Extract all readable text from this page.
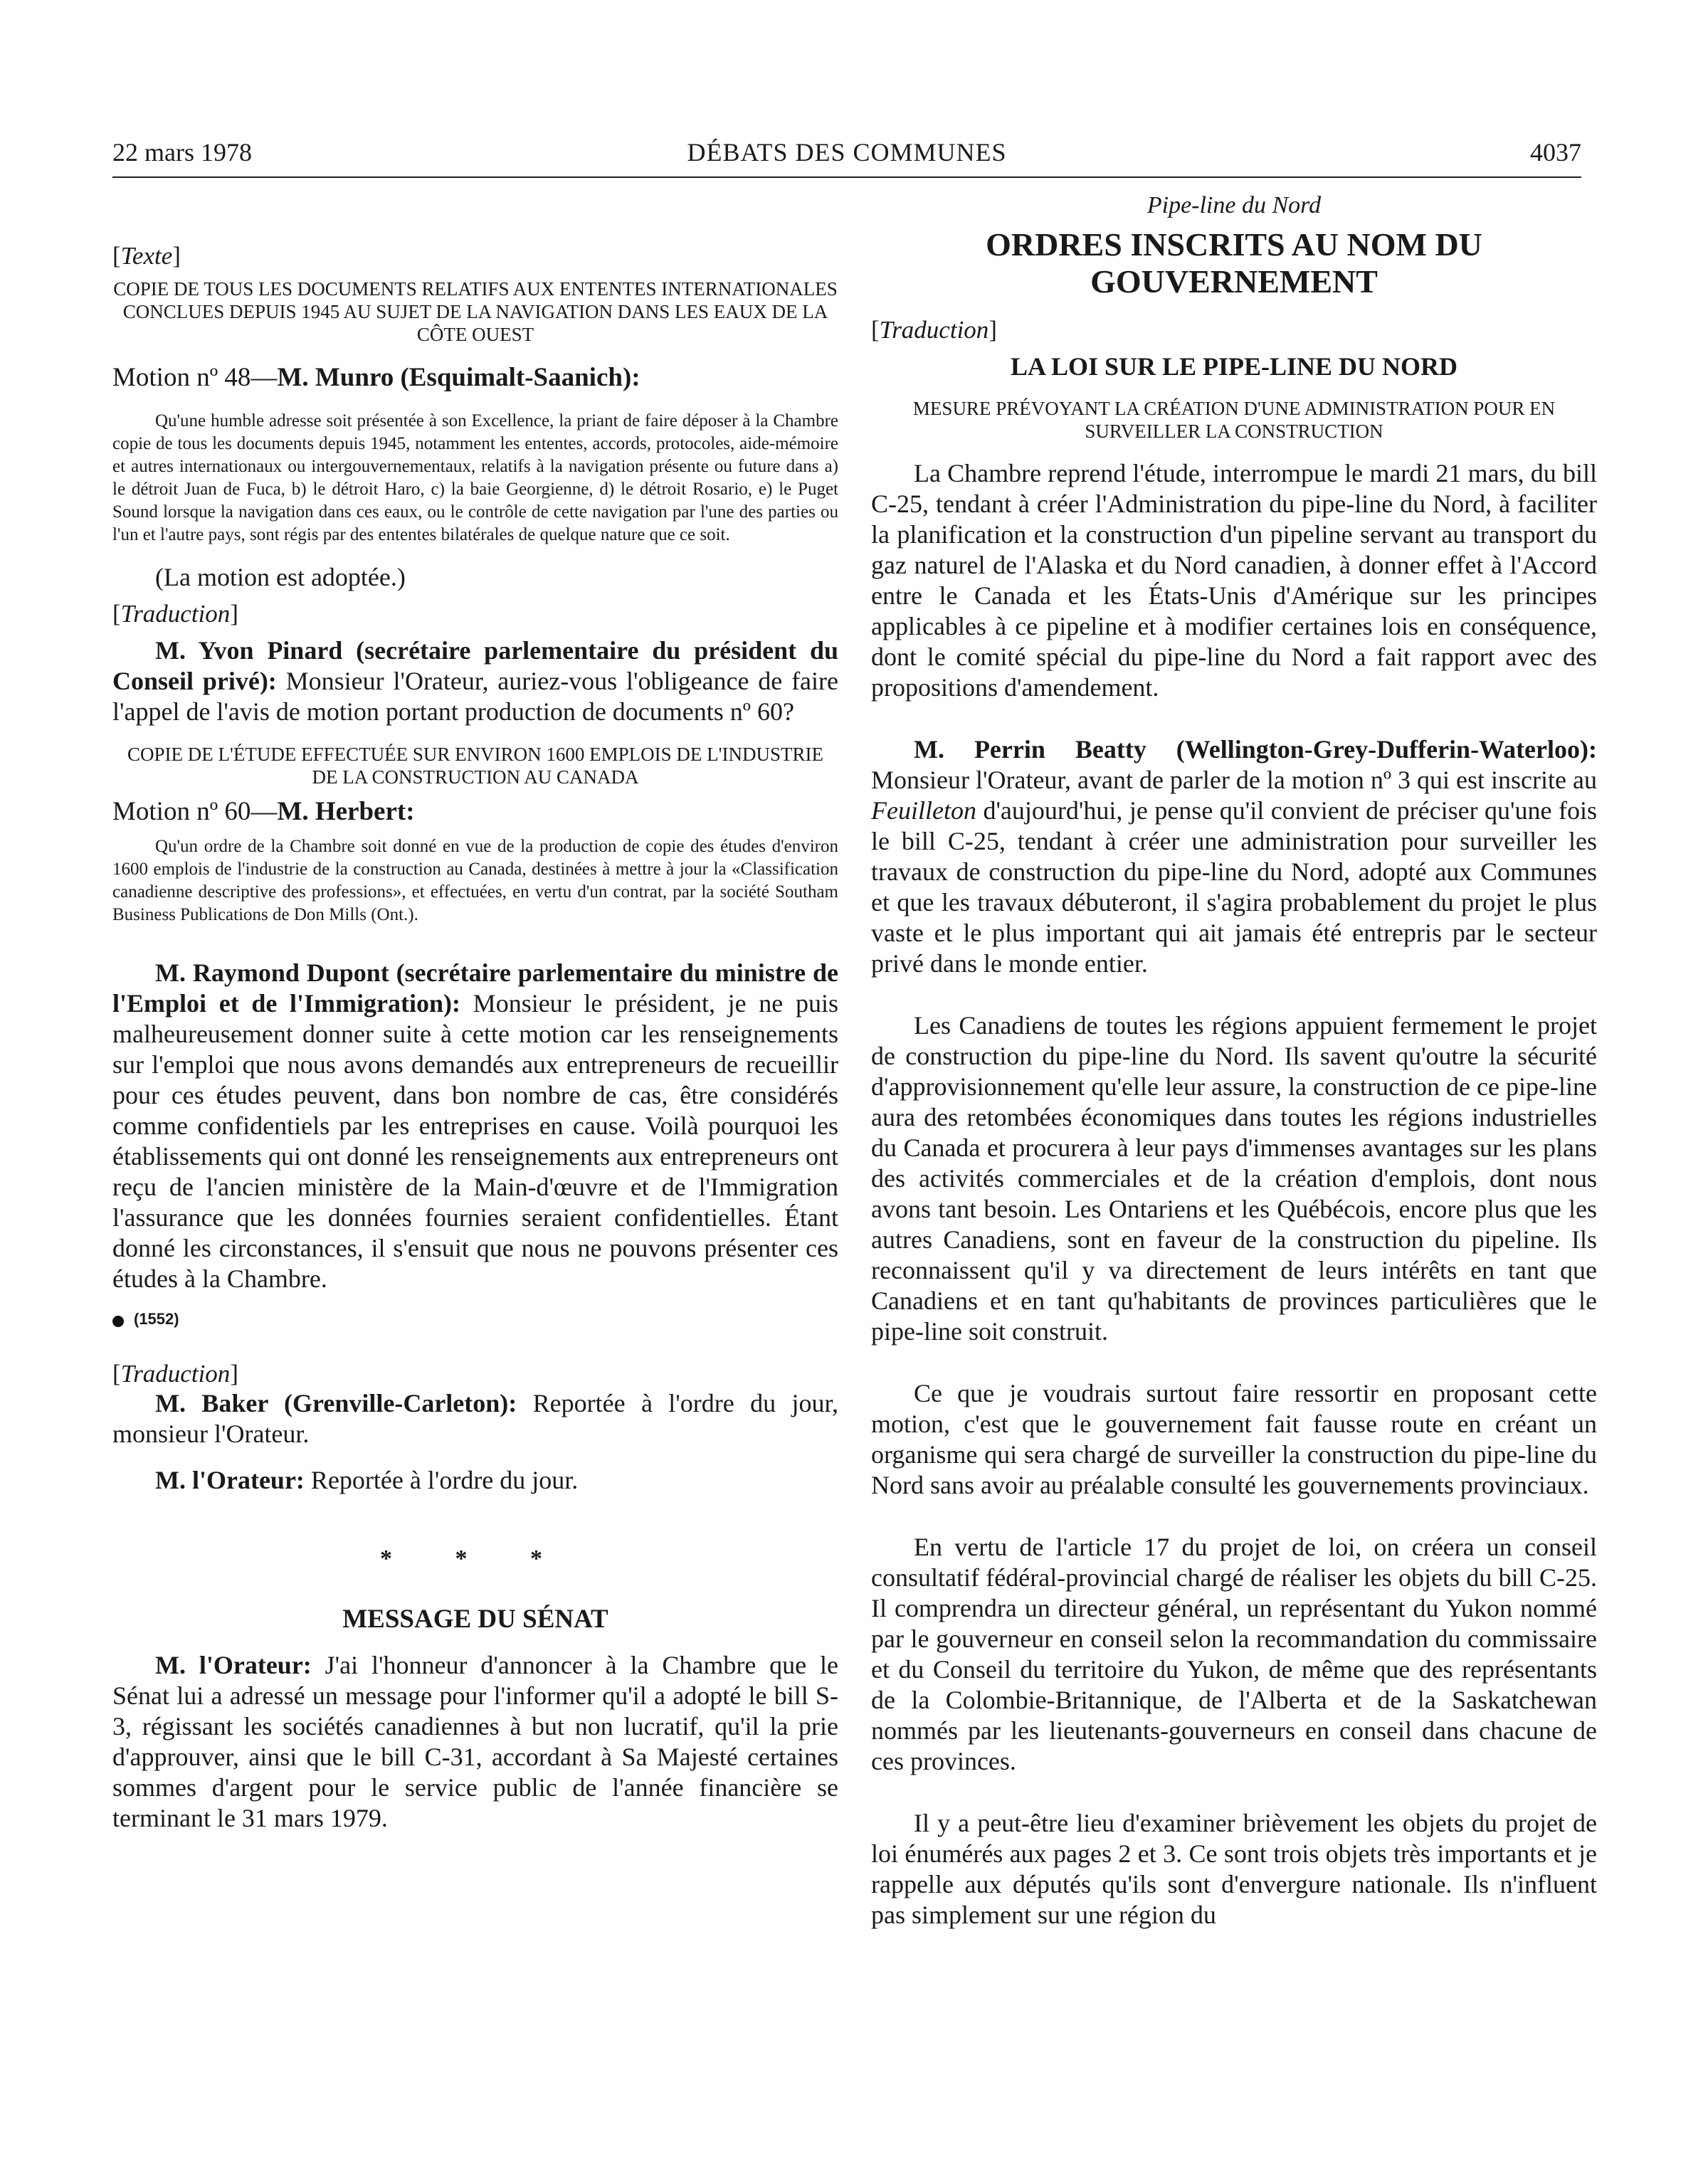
22 mars 1978	DÉBATS DES COMMUNES	4037
[Texte]

COPIE DE TOUS LES DOCUMENTS RELATIFS AUX ENTENTES INTERNATIONALES CONCLUES DEPUIS 1945 AU SUJET DE LA NAVIGATION DANS LES EAUX DE LA CÔTE OUEST

Motion nº 48—M. Munro (Esquimalt-Saanich):

Qu'une humble adresse soit présentée à son Excellence, la priant de faire déposer à la Chambre copie de tous les documents depuis 1945, notamment les ententes, accords, protocoles, aide-mémoire et autres internationaux ou intergouvernementaux, relatifs à la navigation présente ou future dans a) le détroit Juan de Fuca, b) le détroit Haro, c) la baie Georgienne, d) le détroit Rosario, e) le Puget Sound lorsque la navigation dans ces eaux, ou le contrôle de cette navigation par l'une des parties ou l'un et l'autre pays, sont régis par des ententes bilatérales de quelque nature que ce soit.

(La motion est adoptée.)

[Traduction]

M. Yvon Pinard (secrétaire parlementaire du président du Conseil privé): Monsieur l'Orateur, auriez-vous l'obligeance de faire l'appel de l'avis de motion portant production de documents nº 60?

COPIE DE L'ÉTUDE EFFECTUÉE SUR ENVIRON 1600 EMPLOIS DE L'INDUSTRIE DE LA CONSTRUCTION AU CANADA

Motion nº 60—M. Herbert:

Qu'un ordre de la Chambre soit donné en vue de la production de copie des études d'environ 1600 emplois de l'industrie de la construction au Canada, destinées à mettre à jour la «Classification canadienne descriptive des professions», et effectuées, en vertu d'un contrat, par la société Southam Business Publications de Don Mills (Ont.).

M. Raymond Dupont (secrétaire parlementaire du ministre de l'Emploi et de l'Immigration): Monsieur le président, je ne puis malheureusement donner suite à cette motion car les renseignements sur l'emploi que nous avons demandés aux entrepreneurs de recueillir pour ces études peuvent, dans bon nombre de cas, être considérés comme confidentiels par les entreprises en cause. Voilà pourquoi les établissements qui ont donné les renseignements aux entrepreneurs ont reçu de l'ancien ministère de la Main-d'œuvre et de l'Immigration l'assurance que les données fournies seraient confidentielles. Étant donné les circonstances, il s'ensuit que nous ne pouvons présenter ces études à la Chambre.

(1552)

[Traduction]

M. Baker (Grenville-Carleton): Reportée à l'ordre du jour, monsieur l'Orateur.

M. l'Orateur: Reportée à l'ordre du jour.

* * *

MESSAGE DU SÉNAT

M. l'Orateur: J'ai l'honneur d'annoncer à la Chambre que le Sénat lui a adressé un message pour l'informer qu'il a adopté le bill S-3, régissant les sociétés canadiennes à but non lucratif, qu'il la prie d'approuver, ainsi que le bill C-31, accordant à Sa Majesté certaines sommes d'argent pour le service public de l'année financière se terminant le 31 mars 1979.

Pipe-line du Nord

ORDRES INSCRITS AU NOM DU GOUVERNEMENT

[Traduction]

LA LOI SUR LE PIPE-LINE DU NORD

MESURE PRÉVOYANT LA CRÉATION D'UNE ADMINISTRATION POUR EN SURVEILLER LA CONSTRUCTION

La Chambre reprend l'étude, interrompue le mardi 21 mars, du bill C-25, tendant à créer l'Administration du pipe-line du Nord, à faciliter la planification et la construction d'un pipeline servant au transport du gaz naturel de l'Alaska et du Nord canadien, à donner effet à l'Accord entre le Canada et les États-Unis d'Amérique sur les principes applicables à ce pipeline et à modifier certaines lois en conséquence, dont le comité spécial du pipe-line du Nord a fait rapport avec des propositions d'amendement.

M. Perrin Beatty (Wellington-Grey-Dufferin-Waterloo): Monsieur l'Orateur, avant de parler de la motion nº 3 qui est inscrite au Feuilleton d'aujourd'hui, je pense qu'il convient de préciser qu'une fois le bill C-25, tendant à créer une administration pour surveiller les travaux de construction du pipe-line du Nord, adopté aux Communes et que les travaux débuteront, il s'agira probablement du projet le plus vaste et le plus important qui ait jamais été entrepris par le secteur privé dans le monde entier.

Les Canadiens de toutes les régions appuient fermement le projet de construction du pipe-line du Nord. Ils savent qu'outre la sécurité d'approvisionnement qu'elle leur assure, la construction de ce pipe-line aura des retombées économiques dans toutes les régions industrielles du Canada et procurera à leur pays d'immenses avantages sur les plans des activités commerciales et de la création d'emplois, dont nous avons tant besoin. Les Ontariens et les Québécois, encore plus que les autres Canadiens, sont en faveur de la construction du pipeline. Ils reconnaissent qu'il y va directement de leurs intérêts en tant que Canadiens et en tant qu'habitants de provinces particulières que le pipe-line soit construit.

Ce que je voudrais surtout faire ressortir en proposant cette motion, c'est que le gouvernement fait fausse route en créant un organisme qui sera chargé de surveiller la construction du pipe-line du Nord sans avoir au préalable consulté les gouvernements provinciaux.

En vertu de l'article 17 du projet de loi, on créera un conseil consultatif fédéral-provincial chargé de réaliser les objets du bill C-25. Il comprendra un directeur général, un représentant du Yukon nommé par le gouverneur en conseil selon la recommandation du commissaire et du Conseil du territoire du Yukon, de même que des représentants de la Colombie-Britannique, de l'Alberta et de la Saskatchewan nommés par les lieutenants-gouverneurs en conseil dans chacune de ces provinces.

Il y a peut-être lieu d'examiner brièvement les objets du projet de loi énumérés aux pages 2 et 3. Ce sont trois objets très importants et je rappelle aux députés qu'ils sont d'envergure nationale. Ils n'influent pas simplement sur une région du
